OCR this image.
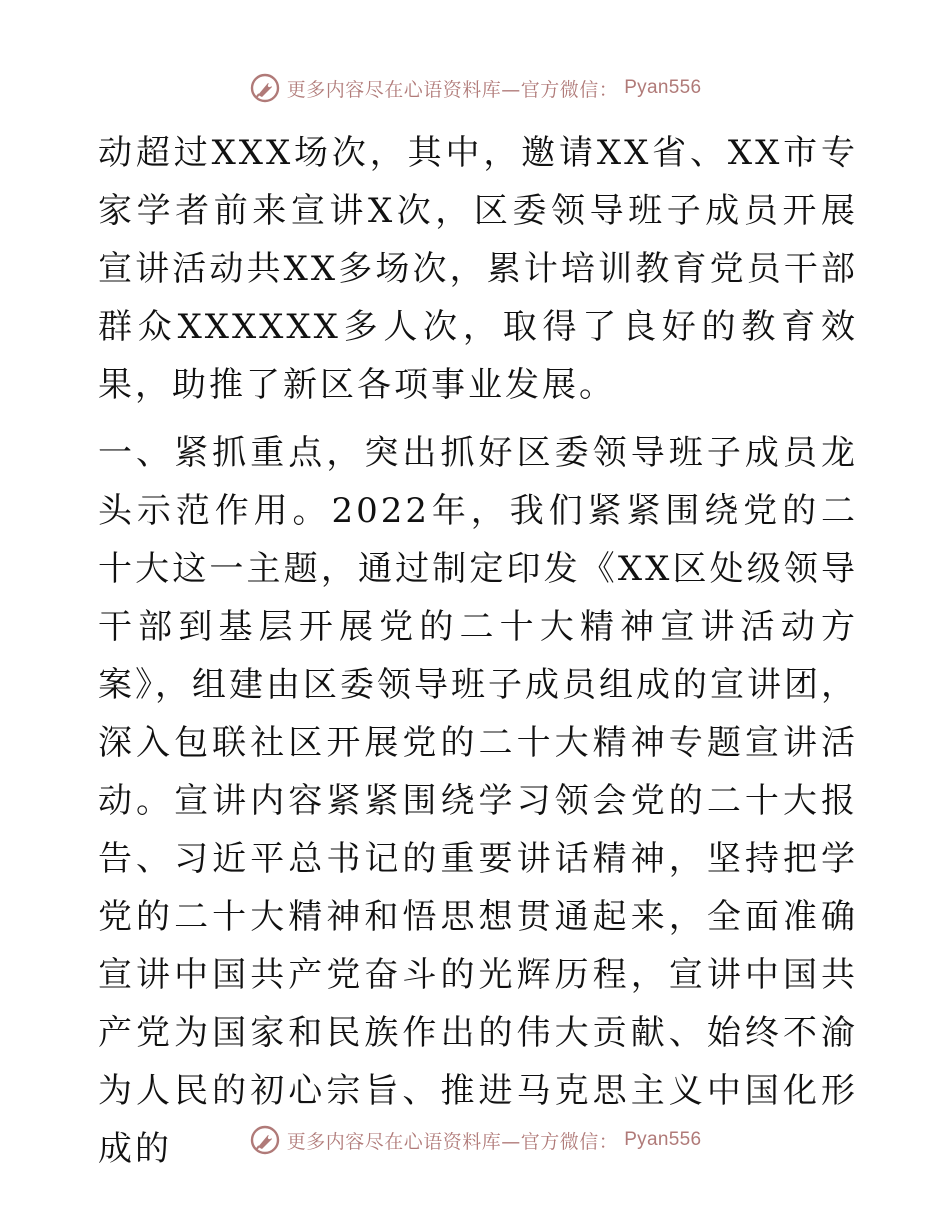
更多内容尽在心语资料库—官方微信： Pyan556

动超过XXX场次，其中，邀请XX省、XX市专家学者前来宣讲X次，区委领导班子成员开展宣讲活动共XX多场次，累计培训教育党员干部群众XXXXXX多人次，取得了良好的教育效果，助推了新区各项事业发展。

一、紧抓重点，突出抓好区委领导班子成员龙头示范作用。2022年，我们紧紧围绕党的二十大这一主题，通过制定印发《XX区处级领导干部到基层开展党的二十大精神宣讲活动方案》，组建由区委领导班子成员组成的宣讲团，深入包联社区开展党的二十大精神专题宣讲活动。宣讲内容紧紧围绕学习领会党的二十大报告、习近平总书记的重要讲话精神，坚持把学党的二十大精神和悟思想贯通起来，全面准确宣讲中国共产党奋斗的光辉历程，宣讲中国共产党为国家和民族作出的伟大贡献、始终不渝为人民的初心宗旨、推进马克思主义中国化形成的	更多内容尽在心语资料库—官方微信： Pyan556
